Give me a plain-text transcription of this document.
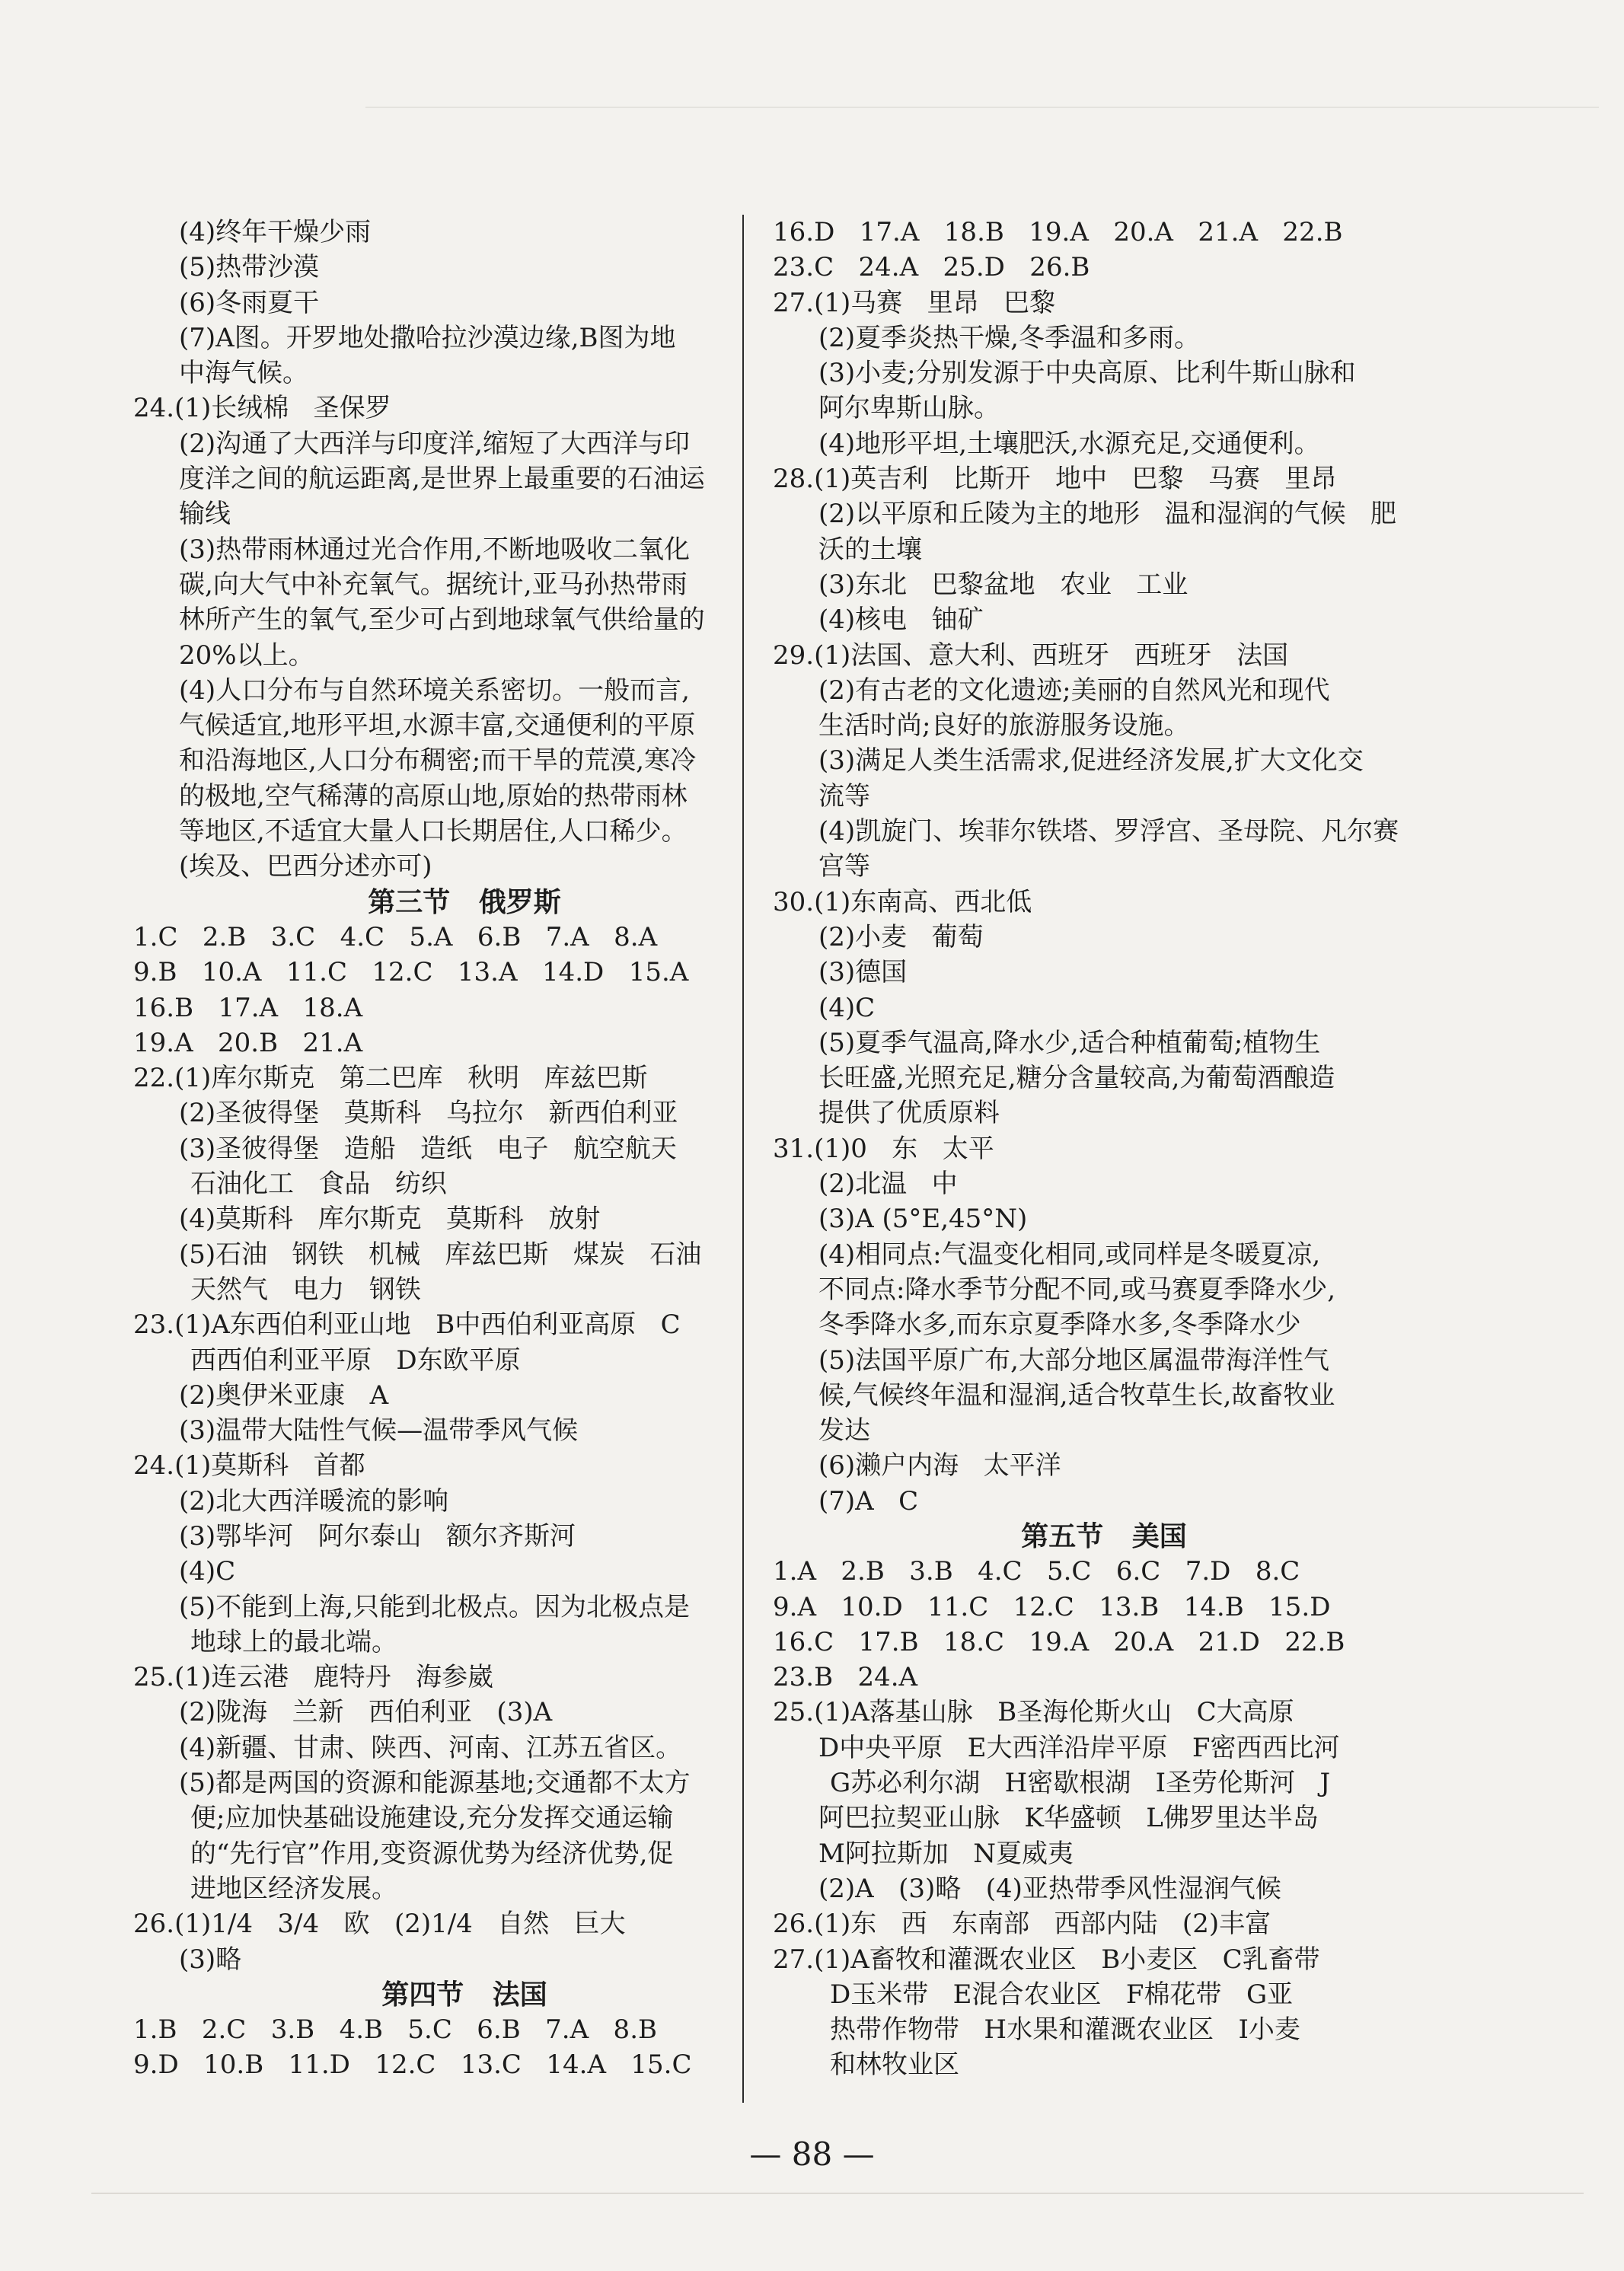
(4)终年干燥少雨
(5)热带沙漠
(6)冬雨夏干
(7)A图。开罗地处撒哈拉沙漠边缘,B图为地
中海气候。
24.(1)长绒棉   圣保罗
(2)沟通了大西洋与印度洋,缩短了大西洋与印
度洋之间的航运距离,是世界上最重要的石油运
输线
(3)热带雨林通过光合作用,不断地吸收二氧化
碳,向大气中补充氧气。据统计,亚马孙热带雨
林所产生的氧气,至少可占到地球氧气供给量的
20%以上。
(4)人口分布与自然环境关系密切。一般而言,
气候适宜,地形平坦,水源丰富,交通便利的平原
和沿海地区,人口分布稠密;而干旱的荒漠,寒冷
的极地,空气稀薄的高原山地,原始的热带雨林
等地区,不适宜大量人口长期居住,人口稀少。
(埃及、巴西分述亦可)
第三节   俄罗斯
1.C   2.B   3.C   4.C   5.A   6.B   7.A   8.A
9.B   10.A   11.C   12.C   13.A   14.D   15.A
16.B   17.A   18.A
19.A   20.B   21.A
22.(1)库尔斯克   第二巴库   秋明   库兹巴斯
(2)圣彼得堡   莫斯科   乌拉尔   新西伯利亚
(3)圣彼得堡   造船   造纸   电子   航空航天
石油化工   食品   纺织
(4)莫斯科   库尔斯克   莫斯科   放射
(5)石油   钢铁   机械   库兹巴斯   煤炭   石油
天然气   电力   钢铁
23.(1)A东西伯利亚山地   B中西伯利亚高原   C
西西伯利亚平原   D东欧平原
(2)奥伊米亚康   A
(3)温带大陆性气候—温带季风气候
24.(1)莫斯科   首都
(2)北大西洋暖流的影响
(3)鄂毕河   阿尔泰山   额尔齐斯河
(4)C
(5)不能到上海,只能到北极点。因为北极点是
地球上的最北端。
25.(1)连云港   鹿特丹   海参崴
(2)陇海   兰新   西伯利亚   (3)A
(4)新疆、甘肃、陕西、河南、江苏五省区。
(5)都是两国的资源和能源基地;交通都不太方
便;应加快基础设施建设,充分发挥交通运输
的“先行官”作用,变资源优势为经济优势,促
进地区经济发展。
26.(1)1/4   3/4   欧   (2)1/4   自然   巨大
(3)略
第四节   法国
1.B   2.C   3.B   4.B   5.C   6.B   7.A   8.B
9.D   10.B   11.D   12.C   13.C   14.A   15.C
16.D   17.A   18.B   19.A   20.A   21.A   22.B
23.C   24.A   25.D   26.B
27.(1)马赛   里昂   巴黎
(2)夏季炎热干燥,冬季温和多雨。
(3)小麦;分别发源于中央高原、比利牛斯山脉和
阿尔卑斯山脉。
(4)地形平坦,土壤肥沃,水源充足,交通便利。
28.(1)英吉利   比斯开   地中   巴黎   马赛   里昂
(2)以平原和丘陵为主的地形   温和湿润的气候   肥
沃的土壤
(3)东北   巴黎盆地   农业   工业
(4)核电   铀矿
29.(1)法国、意大利、西班牙   西班牙   法国
(2)有古老的文化遗迹;美丽的自然风光和现代
生活时尚;良好的旅游服务设施。
(3)满足人类生活需求,促进经济发展,扩大文化交
流等
(4)凯旋门、埃菲尔铁塔、罗浮宫、圣母院、凡尔赛
宫等
30.(1)东南高、西北低
(2)小麦   葡萄
(3)德国
(4)C
(5)夏季气温高,降水少,适合种植葡萄;植物生
长旺盛,光照充足,糖分含量较高,为葡萄酒酿造
提供了优质原料
31.(1)0   东   太平
(2)北温   中
(3)A (5°E,45°N)
(4)相同点:气温变化相同,或同样是冬暖夏凉,
不同点:降水季节分配不同,或马赛夏季降水少,
冬季降水多,而东京夏季降水多,冬季降水少
(5)法国平原广布,大部分地区属温带海洋性气
候,气候终年温和湿润,适合牧草生长,故畜牧业
发达
(6)濑户内海   太平洋
(7)A   C
第五节   美国
1.A   2.B   3.B   4.C   5.C   6.C   7.D   8.C
9.A   10.D   11.C   12.C   13.B   14.B   15.D
16.C   17.B   18.C   19.A   20.A   21.D   22.B
23.B   24.A
25.(1)A落基山脉   B圣海伦斯火山   C大高原
D中央平原   E大西洋沿岸平原   F密西西比河
G苏必利尔湖   H密歇根湖   I圣劳伦斯河   J
阿巴拉契亚山脉   K华盛顿   L佛罗里达半岛
M阿拉斯加   N夏威夷
(2)A   (3)略   (4)亚热带季风性湿润气候
26.(1)东   西   东南部   西部内陆   (2)丰富
27.(1)A畜牧和灌溉农业区   B小麦区   C乳畜带
D玉米带   E混合农业区   F棉花带   G亚
热带作物带   H水果和灌溉农业区   I小麦
和林牧业区
— 88 —
